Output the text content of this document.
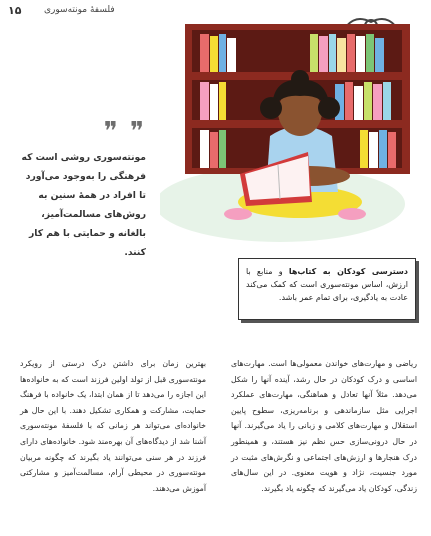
۱۵	فلسفهٔ مونته‌سوری
❞ ❞
مونته‌سوری روشی است که فرهنگی را به‌وجود می‌آورد تا افراد در همهٔ سنین به روش‌های مسالمت‌آمیز، بالغانه و حمایتی با هم کار کنند.
دسترسی کودکان به کتاب‌ها و منابع با ارزش، اساس مونته‌سوری است که کمک می‌کند عادت به یادگیری، برای تمام عمر باشد.

ریاضی و مهارت‌های خواندن معمولی‌ها است. مهارت‌های اساسی و درک کودکان در حال رشد، آینده آنها را شکل می‌دهد. مثلاً آنها تعادل و هماهنگی، مهارت‌های عملکرد اجرایی مثل سازماندهی و برنامه‌ریزی، سطوح پایین استقلال و مهارت‌های کلامی و زبانی را یاد می‌گیرند. آنها در حال درونی‌سازی حس نظم نیز هستند، و همینطور درک هنجارها و ارزش‌های اجتماعی و نگرش‌های مثبت در مورد جنسیت، نژاد و هویت معنوی. در این سال‌های زندگی، کودکان یاد می‌گیرند که چگونه یاد بگیرند.

بهترین زمان برای داشتن درک درستی از رویکرد مونته‌سوری قبل از تولد اولین فرزند است که به خانواده‌ها این اجازه را می‌دهد تا از همان ابتدا، یک خانواده با فرهنگ حمایت، مشارکت و همکاری تشکیل دهند. با این حال هر خانواده‌ای می‌تواند هر زمانی که با فلسفهٔ مونته‌سوری آشنا شد از دیدگاه‌های آن بهره‌مند شود. خانواده‌های دارای فرزند در هر سنی می‌توانند یاد بگیرند که چگونه مربیان مونته‌سوری در محیطی آرام، مسالمت‌آمیز و مشارکتی آموزش می‌دهند.
